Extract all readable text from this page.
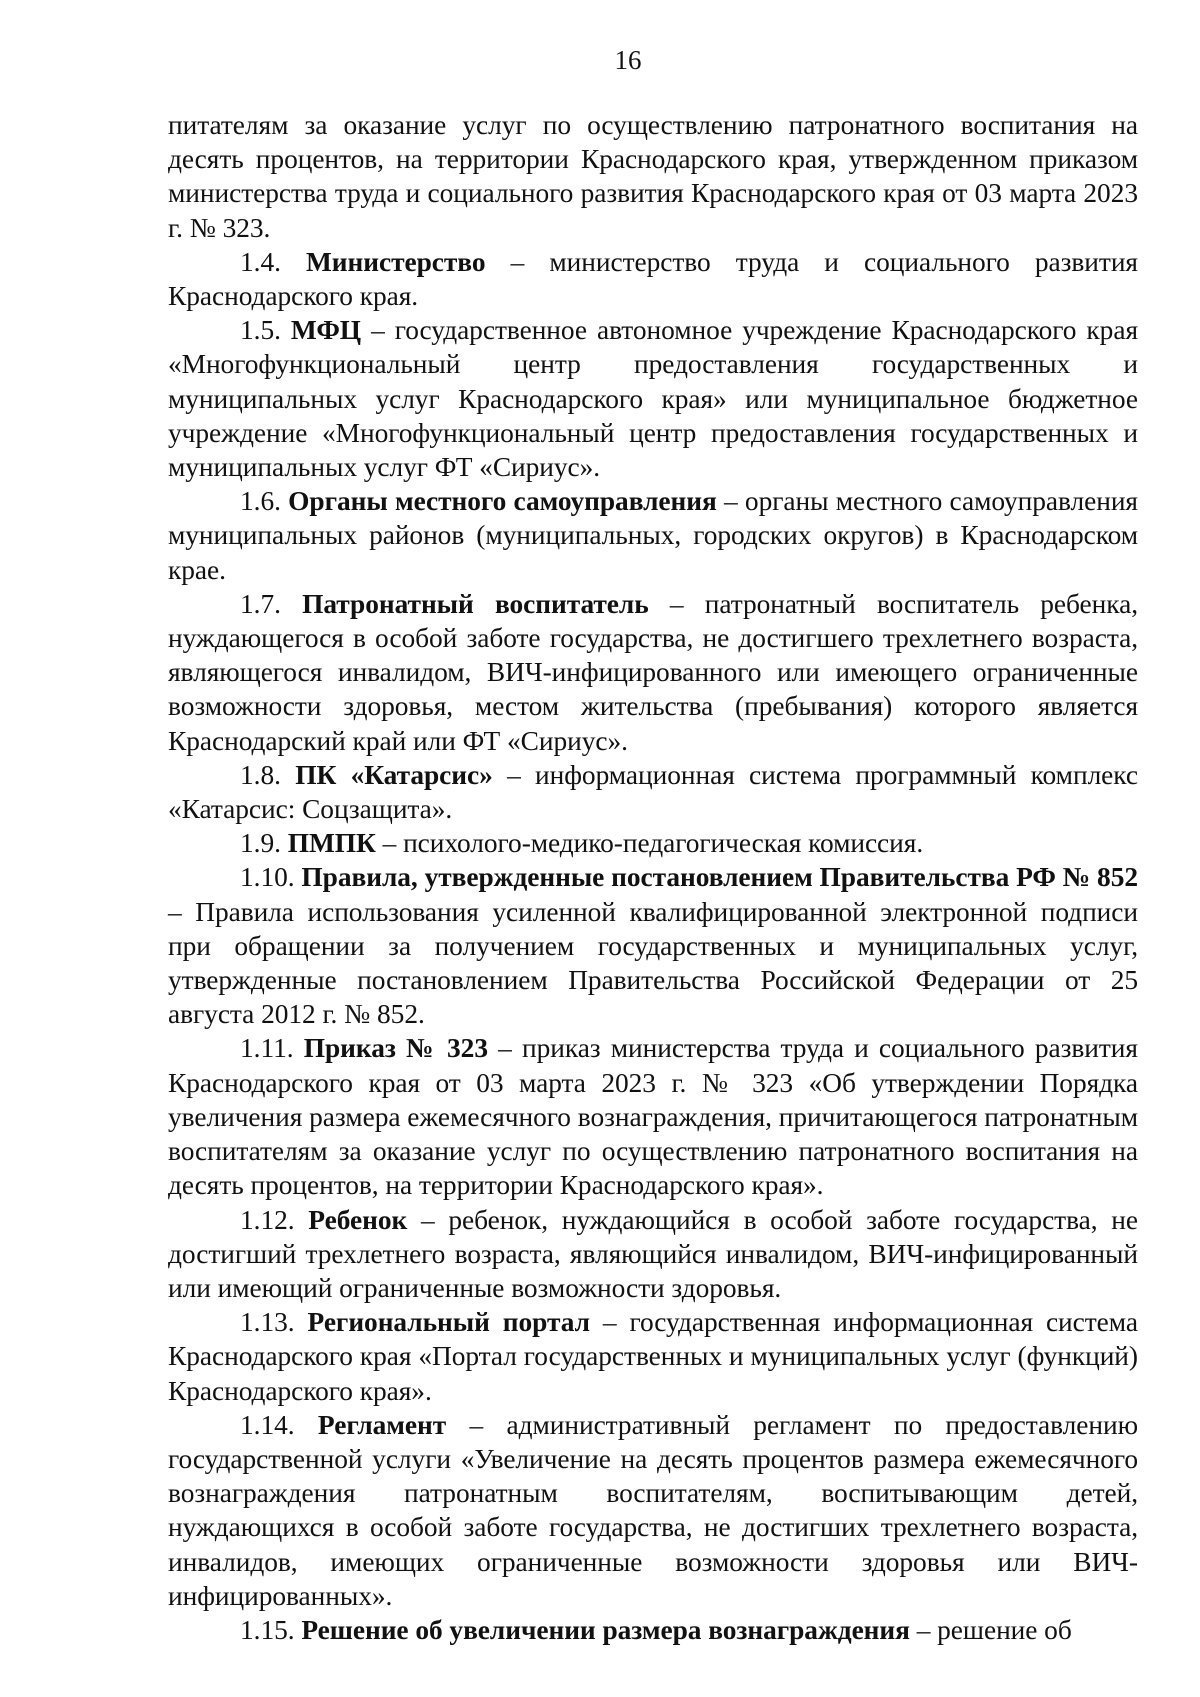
16

питателям за оказание услуг по осуществлению патронатного воспитания на десять процентов, на территории Краснодарского края, утвержденном приказом министерства труда и социального развития Краснодарского края от 03 марта 2023 г. № 323.

1.4. Министерство – министерство труда и социального развития Краснодарского края.

1.5. МФЦ – государственное автономное учреждение Краснодарского края «Многофункциональный центр предоставления государственных и муниципальных услуг Краснодарского края» или муниципальное бюджетное учреждение «Многофункциональный центр предоставления государственных и муниципальных услуг ФТ «Сириус».

1.6. Органы местного самоуправления – органы местного самоуправления муниципальных районов (муниципальных, городских округов) в Краснодарском крае.

1.7. Патронатный воспитатель – патронатный воспитатель ребенка, нуждающегося в особой заботе государства, не достигшего трехлетнего возраста, являющегося инвалидом, ВИЧ-инфицированного или имеющего ограниченные возможности здоровья, местом жительства (пребывания) которого является Краснодарский край или ФТ «Сириус».

1.8. ПК «Катарсис» – информационная система программный комплекс «Катарсис: Соцзащита».

1.9. ПМПК – психолого-медико-педагогическая комиссия.

1.10. Правила, утвержденные постановлением Правительства РФ № 852 – Правила использования усиленной квалифицированной электронной подписи при обращении за получением государственных и муниципальных услуг, утвержденные постановлением Правительства Российской Федерации от 25 августа 2012 г. № 852.

1.11. Приказ № 323 – приказ министерства труда и социального развития Краснодарского края от 03 марта 2023 г. № 323 «Об утверждении Порядка увеличения размера ежемесячного вознаграждения, причитающегося патронатным воспитателям за оказание услуг по осуществлению патронатного воспитания на десять процентов, на территории Краснодарского края».

1.12. Ребенок – ребенок, нуждающийся в особой заботе государства, не достигший трехлетнего возраста, являющийся инвалидом, ВИЧ-инфицированный или имеющий ограниченные возможности здоровья.

1.13. Региональный портал – государственная информационная система Краснодарского края «Портал государственных и муниципальных услуг (функций) Краснодарского края».

1.14. Регламент – административный регламент по предоставлению государственной услуги «Увеличение на десять процентов размера ежемесячного вознаграждения патронатным воспитателям, воспитывающим детей, нуждающихся в особой заботе государства, не достигших трехлетнего возраста, инвалидов, имеющих ограниченные возможности здоровья или ВИЧ-инфицированных».

1.15. Решение об увеличении размера вознаграждения – решение об
